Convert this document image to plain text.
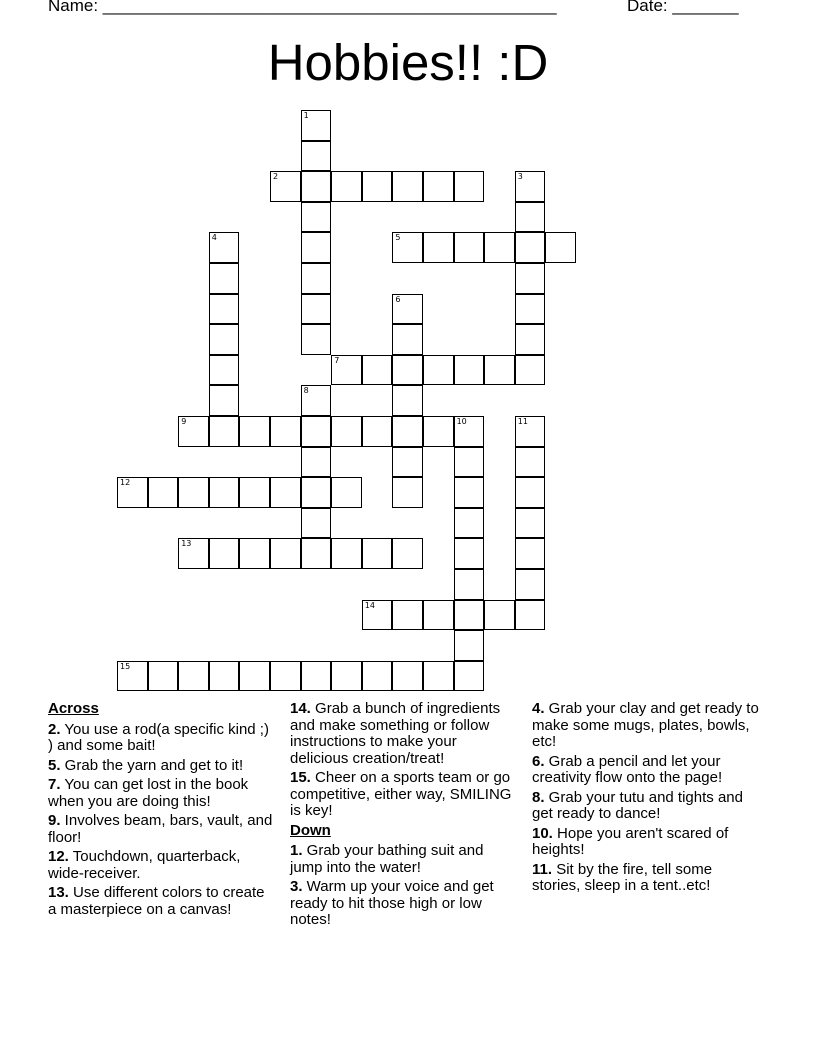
Name: ________________________________________________	Date: _______
Hobbies!! :D
1
2	3
4	5
6
7
8
9	10	11
12
13
14
15
Across
2. You use a rod(a specific kind ;) ) and some bait!
5. Grab the yarn and get to it!
7. You can get lost in the book when you are doing this!
9. Involves beam, bars, vault, and floor!
12. Touchdown, quarterback, wide-receiver.
13. Use different colors to create a masterpiece on a canvas!
14. Grab a bunch of ingredients and make something or follow instructions to make your delicious creation/treat!
15. Cheer on a sports team or go competitive, either way, SMILING is key!
Down
1. Grab your bathing suit and jump into the water!
3. Warm up your voice and get ready to hit those high or low notes!
4. Grab your clay and get ready to make some mugs, plates, bowls, etc!
6. Grab a pencil and let your creativity flow onto the page!
8. Grab your tutu and tights and get ready to dance!
10. Hope you aren't scared of heights!
11. Sit by the fire, tell some stories, sleep in a tent..etc!
